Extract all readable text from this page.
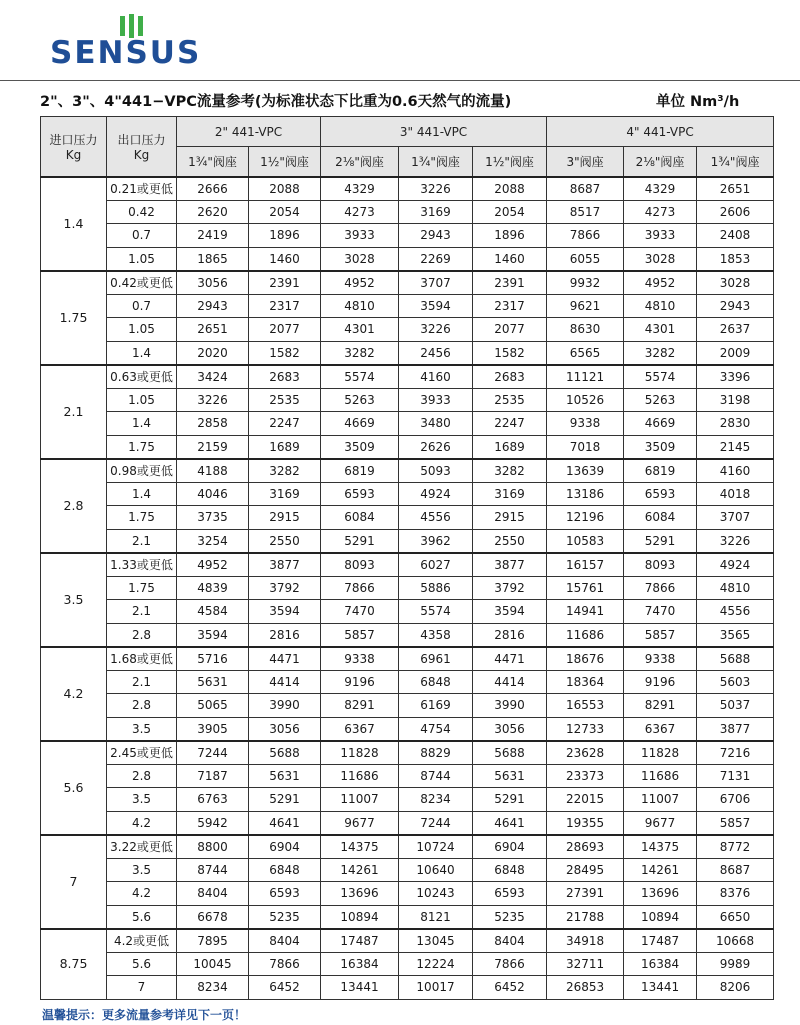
SENSUS
2"、3"、4"441−VPC流量参考(为标准状态下比重为0.6天然气的流量)	单位 Nm³/h
进口压力
Kg	出口压力
Kg	2" 441-VPC		3" 441-VPC			4" 441-VPC		
		1¾"阀座	1½"阀座	2⅛"阀座	1¾"阀座	1½"阀座	3"阀座	2⅛"阀座	1¾"阀座
1.4	0.21或更低	2666	2088	4329	3226	2088	8687	4329	2651
	0.42	2620	2054	4273	3169	2054	8517	4273	2606
	0.7	2419	1896	3933	2943	1896	7866	3933	2408
	1.05	1865	1460	3028	2269	1460	6055	3028	1853
1.75	0.42或更低	3056	2391	4952	3707	2391	9932	4952	3028
	0.7	2943	2317	4810	3594	2317	9621	4810	2943
	1.05	2651	2077	4301	3226	2077	8630	4301	2637
	1.4	2020	1582	3282	2456	1582	6565	3282	2009
2.1	0.63或更低	3424	2683	5574	4160	2683	11121	5574	3396
	1.05	3226	2535	5263	3933	2535	10526	5263	3198
	1.4	2858	2247	4669	3480	2247	9338	4669	2830
	1.75	2159	1689	3509	2626	1689	7018	3509	2145
2.8	0.98或更低	4188	3282	6819	5093	3282	13639	6819	4160
	1.4	4046	3169	6593	4924	3169	13186	6593	4018
	1.75	3735	2915	6084	4556	2915	12196	6084	3707
	2.1	3254	2550	5291	3962	2550	10583	5291	3226
3.5	1.33或更低	4952	3877	8093	6027	3877	16157	8093	4924
	1.75	4839	3792	7866	5886	3792	15761	7866	4810
	2.1	4584	3594	7470	5574	3594	14941	7470	4556
	2.8	3594	2816	5857	4358	2816	11686	5857	3565
4.2	1.68或更低	5716	4471	9338	6961	4471	18676	9338	5688
	2.1	5631	4414	9196	6848	4414	18364	9196	5603
	2.8	5065	3990	8291	6169	3990	16553	8291	5037
	3.5	3905	3056	6367	4754	3056	12733	6367	3877
5.6	2.45或更低	7244	5688	11828	8829	5688	23628	11828	7216
	2.8	7187	5631	11686	8744	5631	23373	11686	7131
	3.5	6763	5291	11007	8234	5291	22015	11007	6706
	4.2	5942	4641	9677	7244	4641	19355	9677	5857
7	3.22或更低	8800	6904	14375	10724	6904	28693	14375	8772
	3.5	8744	6848	14261	10640	6848	28495	14261	8687
	4.2	8404	6593	13696	10243	6593	27391	13696	8376
	5.6	6678	5235	10894	8121	5235	21788	10894	6650
8.75	4.2或更低	7895	8404	17487	13045	8404	34918	17487	10668
	5.6	10045	7866	16384	12224	7866	32711	16384	9989
	7	8234	6452	13441	10017	6452	26853	13441	8206
温馨提示：更多流量参考详见下一页！
